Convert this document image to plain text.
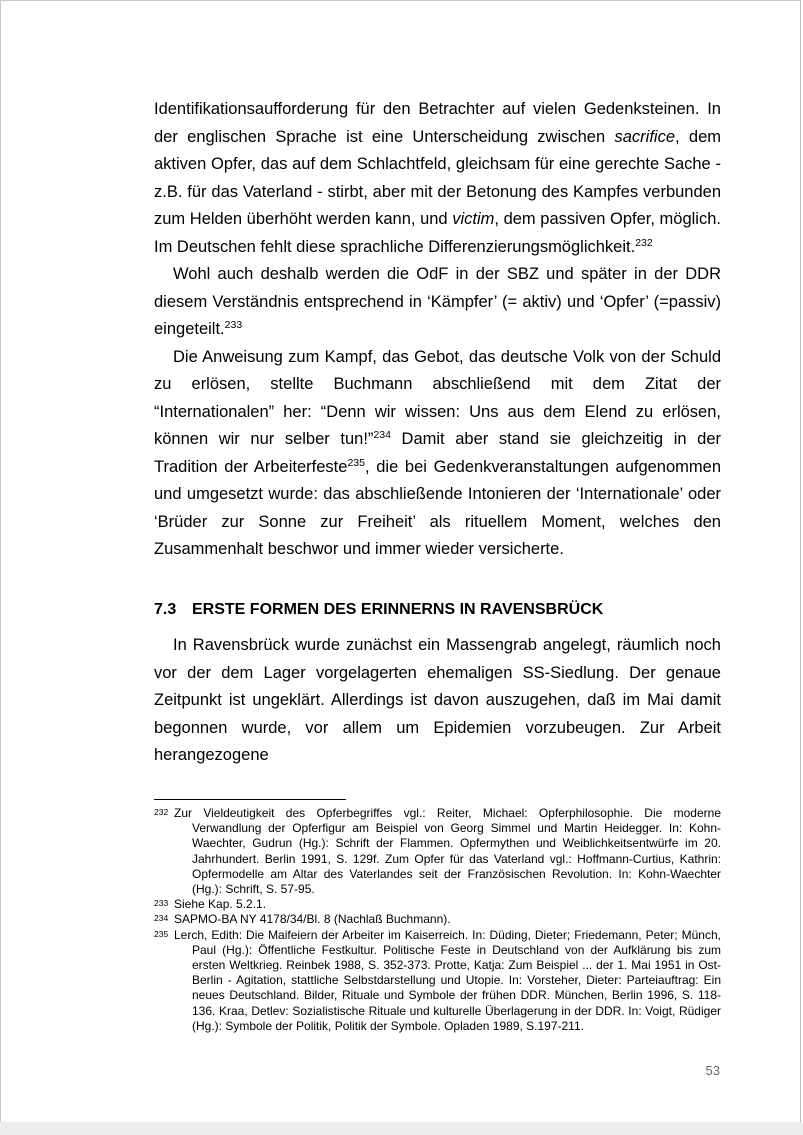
Identifikationsaufforderung für den Betrachter auf vielen Gedenksteinen. In der englischen Sprache ist eine Unterscheidung zwischen sacrifice, dem aktiven Opfer, das auf dem Schlachtfeld, gleichsam für eine gerechte Sache - z.B. für das Vaterland - stirbt, aber mit der Betonung des Kampfes verbunden zum Helden überhöht werden kann, und victim, dem passiven Opfer, möglich. Im Deutschen fehlt diese sprachliche Differenzierungsmöglichkeit.$^{232}$

Wohl auch deshalb werden die OdF in der SBZ und später in der DDR diesem Verständnis entsprechend in ‘Kämpfer’ (= aktiv) und ‘Opfer’ (=passiv) eingeteilt.$^{233}$

Die Anweisung zum Kampf, das Gebot, das deutsche Volk von der Schuld zu erlösen, stellte Buchmann abschließend mit dem Zitat der “Internationalen” her: “Denn wir wissen: Uns aus dem Elend zu erlösen, können wir nur selber tun!”$^{234}$ Damit aber stand sie gleichzeitig in der Tradition der Arbeiterfeste$^{235}$, die bei Gedenkveranstaltungen aufgenommen und umgesetzt wurde: das abschließende Intonieren der ‘Internationale’ oder ‘Brüder zur Sonne zur Freiheit’ als rituellem Moment, welches den Zusammenhalt beschwor und immer wieder versicherte.

7.3 ERSTE FORMEN DES ERINNERNS IN RAVENSBRÜCK

In Ravensbrück wurde zunächst ein Massengrab angelegt, räumlich noch vor der dem Lager vorgelagerten ehemaligen SS-Siedlung. Der genaue Zeitpunkt ist ungeklärt. Allerdings ist davon auszugehen, daß im Mai damit begonnen wurde, vor allem um Epidemien vorzubeugen. Zur Arbeit herangezogene

232 Zur Vieldeutigkeit des Opferbegriffes vgl.: Reiter, Michael: Opferphilosophie. Die moderne Verwandlung der Opferfigur am Beispiel von Georg Simmel und Martin Heidegger. In: Kohn-Waechter, Gudrun (Hg.): Schrift der Flammen. Opfermythen und Weiblichkeitsentwürfe im 20. Jahrhundert. Berlin 1991, S. 129f. Zum Opfer für das Vaterland vgl.: Hoffmann-Curtius, Kathrin: Opfermodelle am Altar des Vaterlandes seit der Französischen Revolution. In: Kohn-Waechter (Hg.): Schrift, S. 57-95.

233 Siehe Kap. 5.2.1.

234 SAPMO-BA NY 4178/34/Bl. 8 (Nachlaß Buchmann).

235 Lerch, Edith: Die Maifeiern der Arbeiter im Kaiserreich. In: Düding, Dieter; Friedemann, Peter; Münch, Paul (Hg.): Öffentliche Festkultur. Politische Feste in Deutschland von der Aufklärung bis zum ersten Weltkrieg. Reinbek 1988, S. 352-373. Protte, Katja: Zum Beispiel ... der 1. Mai 1951 in Ost-Berlin - Agitation, stattliche Selbstdarstellung und Utopie. In: Vorsteher, Dieter: Parteiauftrag: Ein neues Deutschland. Bilder, Rituale und Symbole der frühen DDR. München, Berlin 1996, S. 118-136. Kraa, Detlev: Sozialistische Rituale und kulturelle Überlagerung in der DDR. In: Voigt, Rüdiger (Hg.): Symbole der Politik, Politik der Symbole. Opladen 1989, S.197-211.

53
